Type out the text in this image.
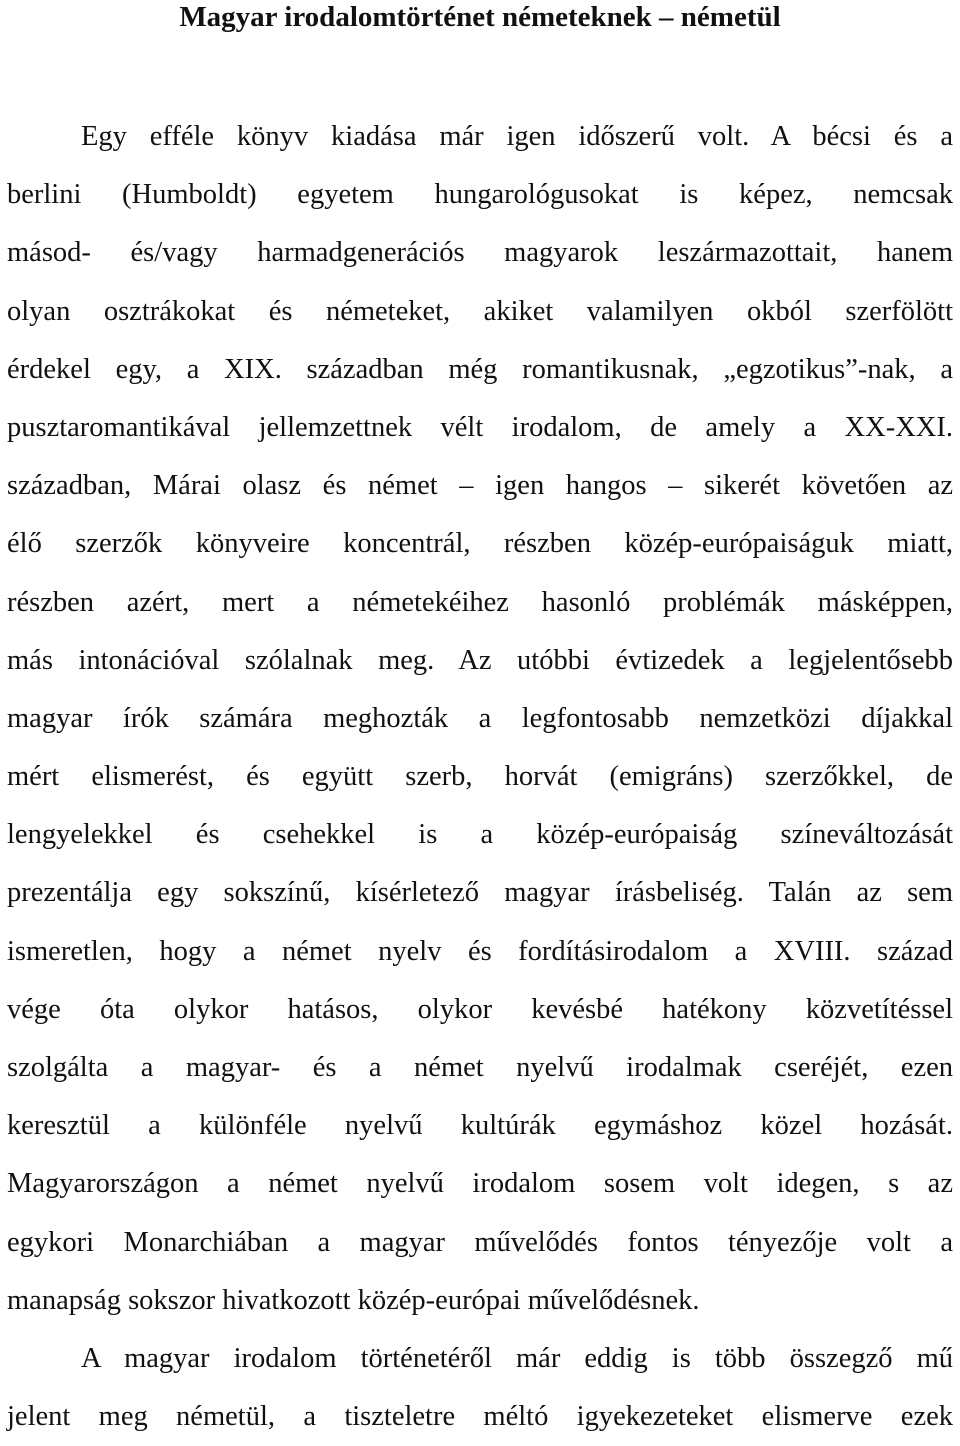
Magyar irodalomtörténet németeknek – németül
Egy efféle könyv kiadása már igen időszerű volt. A bécsi és a
berlini (Humboldt) egyetem hungarológusokat is képez, nemcsak
másod- és/vagy harmadgenerációs magyarok leszármazottait, hanem
olyan osztrákokat és németeket, akiket valamilyen okból szerfölött
érdekel egy, a XIX. században még romantikusnak, „egzotikus”-nak, a
pusztaromantikával jellemzettnek vélt irodalom, de amely a XX-XXI.
században, Márai olasz és német – igen hangos – sikerét követően az
élő szerzők könyveire koncentrál, részben közép-európaiságuk miatt,
részben azért, mert a németekéihez hasonló problémák másképpen,
más intonációval szólalnak meg. Az utóbbi évtizedek a legjelentősebb
magyar írók számára meghozták a legfontosabb nemzetközi díjakkal
mért elismerést, és együtt szerb, horvát (emigráns) szerzőkkel, de
lengyelekkel és csehekkel is a közép-európaiság színeváltozását
prezentálja egy sokszínű, kísérletező magyar írásbeliség. Talán az sem
ismeretlen, hogy a német nyelv és fordításirodalom a XVIII. század
vége óta olykor hatásos, olykor kevésbé hatékony közvetítéssel
szolgálta a magyar- és a német nyelvű irodalmak cseréjét, ezen
keresztül a különféle nyelvű kultúrák egymáshoz közel hozását.
Magyarországon a német nyelvű irodalom sosem volt idegen, s az
egykori Monarchiában a magyar művelődés fontos tényezője volt a
manapság sokszor hivatkozott közép-európai művelődésnek.
A magyar irodalom történetéről már eddig is több összegző mű
jelent meg németül, a tiszteletre méltó igyekezeteket elismerve ezek
